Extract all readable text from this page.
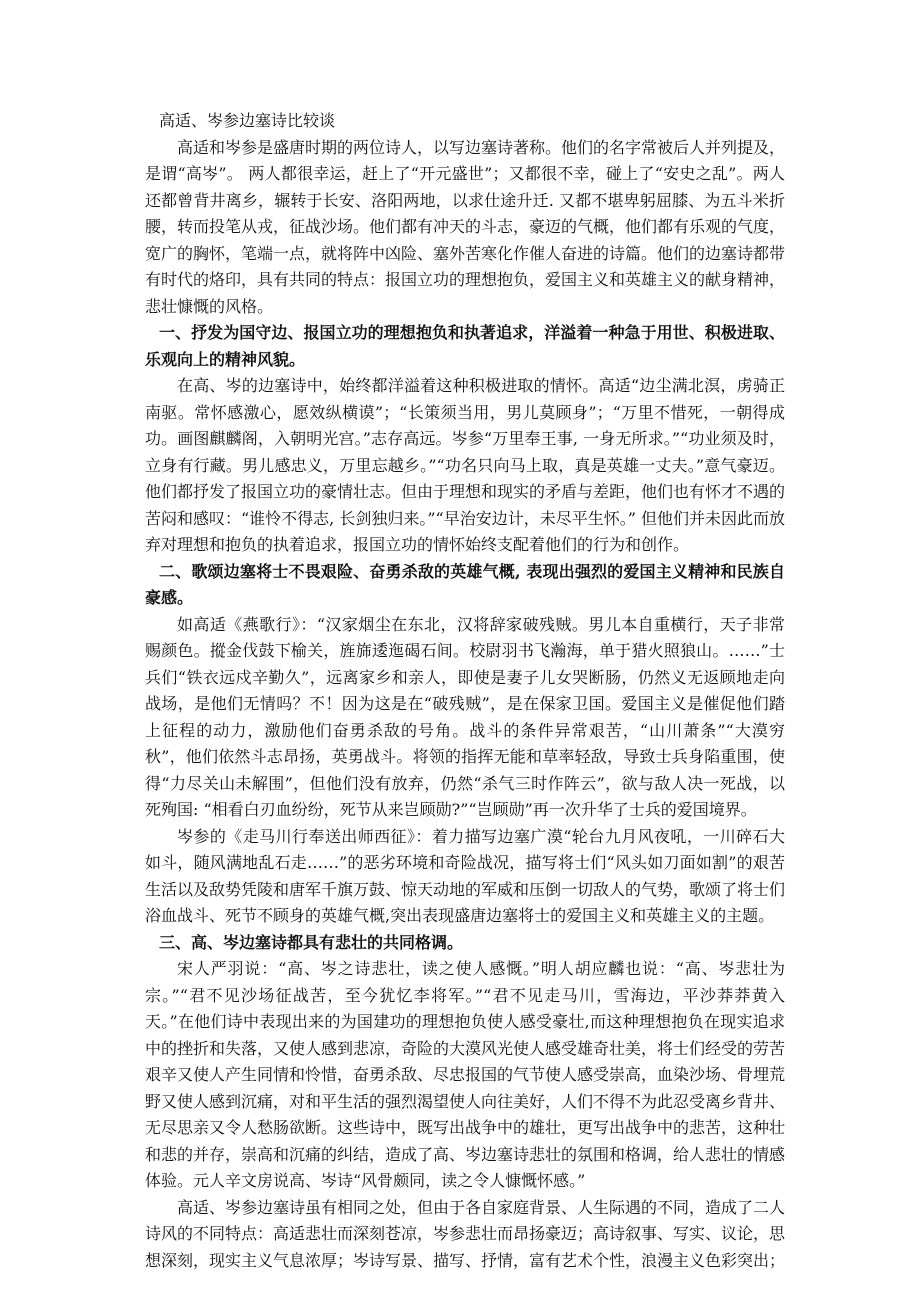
高适、岑参边塞诗比较谈

高适和岑参是盛唐时期的两位诗人，以写边塞诗著称。他们的名字常被后人并列提及，是谓“高岑”。 两人都很幸运，赶上了“开元盛世”；又都很不幸，碰上了“安史之乱”。两人还都曾背井离乡，辗转于长安、洛阳两地，以求仕途升迁. 又都不堪卑躬屈膝、为五斗米折腰，转而投笔从戎，征战沙场。他们都有冲天的斗志，豪迈的气概，他们都有乐观的气度，宽广的胸怀，笔端一点，就将阵中凶险、塞外苦寒化作催人奋进的诗篇。他们的边塞诗都带有时代的烙印，具有共同的特点：报国立功的理想抱负，爱国主义和英雄主义的献身精神，悲壮慷慨的风格。

一、抒发为国守边、报国立功的理想抱负和执著追求，洋溢着一种急于用世、积极进取、乐观向上的精神风貌。

在高、岑的边塞诗中，始终都洋溢着这种积极进取的情怀。高适“边尘满北溟，虏骑正南驱。常怀感激心，愿效纵横谟”；“长策须当用，男儿莫顾身”；“万里不惜死，一朝得成功。画图麒麟阁，入朝明光宫。”志存高远。岑参“万里奉王事, 一身无所求。”“功业须及时，立身有行藏。男儿感忠义，万里忘越乡。”“功名只向马上取，真是英雄一丈夫。”意气豪迈。他们都抒发了报国立功的豪情壮志。但由于理想和现实的矛盾与差距，他们也有怀才不遇的苦闷和感叹：“谁怜不得志, 长剑独归来。”“早治安边计，未尽平生怀。” 但他们并未因此而放弃对理想和抱负的执着追求，报国立功的情怀始终支配着他们的行为和创作。

二、歌颂边塞将士不畏艰险、奋勇杀敌的英雄气概, 表现出强烈的爱国主义精神和民族自豪感。

如高适《燕歌行》：“汉家烟尘在东北，汉将辞家破残贼。男儿本自重横行，天子非常赐颜色。摐金伐鼓下榆关，旌旆逶迤碣石间。校尉羽书飞瀚海，单于猎火照狼山。……”士兵们“铁衣远戍辛勤久”，远离家乡和亲人，即使是妻子儿女哭断肠，仍然义无返顾地走向战场，是他们无情吗？不！因为这是在“破残贼”，是在保家卫国。爱国主义是催促他们踏上征程的动力，激励他们奋勇杀敌的号角。战斗的条件异常艰苦，“山川萧条”“大漠穷秋”，他们依然斗志昂扬，英勇战斗。将领的指挥无能和草率轻敌，导致士兵身陷重围，使得“力尽关山未解围”，但他们没有放弃，仍然“杀气三时作阵云”，欲与敌人决一死战，以死殉国: “相看白刃血纷纷，死节从来岂顾勋?”“岂顾勋”再一次升华了士兵的爱国境界。

岑参的《走马川行奉送出师西征》：着力描写边塞广漠“轮台九月风夜吼，一川碎石大如斗，随风满地乱石走……”的恶劣环境和奇险战况，描写将士们“风头如刀面如割”的艰苦生活以及敌势凭陵和唐军千旗万鼓、惊天动地的军威和压倒一切敌人的气势，歌颂了将士们浴血战斗、死节不顾身的英雄气概,突出表现盛唐边塞将士的爱国主义和英雄主义的主题。

三、高、岑边塞诗都具有悲壮的共同格调。

宋人严羽说：“高、岑之诗悲壮，读之使人感慨。”明人胡应麟也说：“高、岑悲壮为宗。”“君不见沙场征战苦，至今犹忆李将军。”“君不见走马川，雪海边，平沙莽莽黄入天。”在他们诗中表现出来的为国建功的理想抱负使人感受豪壮,而这种理想抱负在现实追求中的挫折和失落，又使人感到悲凉，奇险的大漠风光使人感受雄奇壮美，将士们经受的劳苦艰辛又使人产生同情和怜惜，奋勇杀敌、尽忠报国的气节使人感受崇高，血染沙场、骨埋荒野又使人感到沉痛，对和平生活的强烈渴望使人向往美好，人们不得不为此忍受离乡背井、无尽思亲又令人愁肠欲断。这些诗中，既写出战争中的雄壮，更写出战争中的悲苦，这种壮和悲的并存，崇高和沉痛的纠结，造成了高、岑边塞诗悲壮的氛围和格调，给人悲壮的情感体验。元人辛文房说高、岑诗“风骨颇同，读之令人慷慨怀感。”

高适、岑参边塞诗虽有相同之处，但由于各自家庭背景、人生际遇的不同，造成了二人诗风的不同特点：高适悲壮而深刻苍凉，岑参悲壮而昂扬豪迈；高诗叙事、写实、议论，思想深刻，现实主义气息浓厚；岑诗写景、描写、抒情，富有艺术个性，浪漫主义色彩突出；
